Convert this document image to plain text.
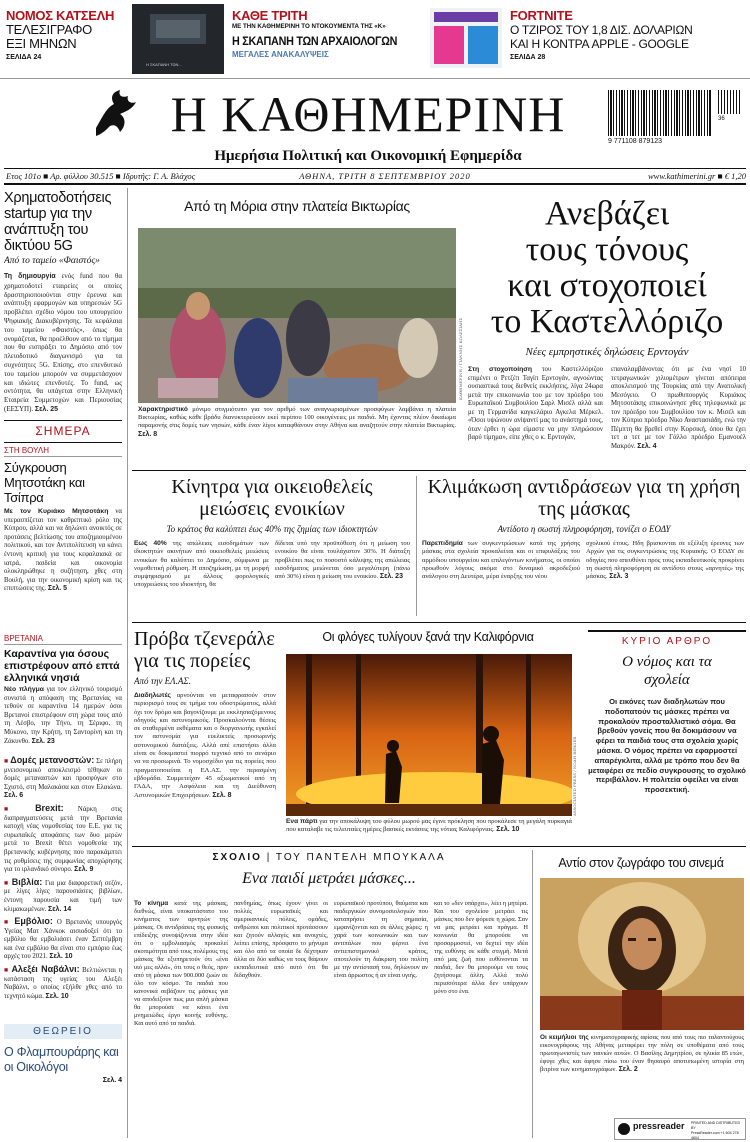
ΝΟΜΟΣ ΚΑΤΣΕΛΗ
ΤΕΛΕΣΙΓΡΑΦΟ
ΕΞΙ ΜΗΝΩΝ
ΣΕΛΙΔΑ 24
Η ΣΚΑΠΑΝΗ ΤΩΝ...
ΚΑΘΕ ΤΡΙΤΗ
ΜΕ ΤΗΝ ΚΑΘΗΜΕΡΙΝΗ ΤΟ ΝΤΟΚΟΥΜΕΝΤΑ ΤΗΣ «Κ»
Η ΣΚΑΠΑΝΗ ΤΩΝ ΑΡΧΑΙΟΛΟΓΩΝ
ΜΕΓΑΛΕΣ ΑΝΑΚΑΛΥΨΕΙΣ
FORTNITE
Ο ΤΖΙΡΟΣ ΤΟΥ 1,8 ΔΙΣ. ΔΟΛΑΡΙΩΝ
ΚΑΙ Η ΚΟΝΤΡΑ APPLE - GOOGLE
ΣΕΛΙΔΑ 28
Η ΚΑΘΗΜΕΡΙΝΗ
Ημερήσια Πολιτική και Οικονομική Εφημερίδα
36
9 771108 879123
Ετος 101ο ■ Αρ. φύλλου 30.515 ■ Ιδρυτής: Γ. Α. Βλάχος	ΑΘΗΝΑ, ΤΡΙΤΗ 8 ΣΕΠΤΕΜΒΡΙΟΥ 2020	www.kathimerini.gr ■ € 1,20
Χρηματοδοτήσεις startup για την ανάπτυξη του δικτύου 5G
Από το ταμείο «Φαιστός»
Τη δημιουργία ενός fund που θα χρηματοδοτεί εταιρείες οι οποίες δραστηριοποιούνται στην έρευνα και ανάπτυξη εφαρμογών και υπηρεσιών 5G προβλέπει σχέδιο νόμου του υπουργείου Ψηφιακής Διακυβέρνησης. Τα κεφάλαια του ταμείου «Φαιστός», όπως θα ονομάζεται, θα προέλθουν από το τίμημα που θα εισπράξει το Δημόσιο από τον πλειοδοτικό διαγωνισμό για τα συχνότητες 5G. Επίσης, στο επενδυτικό του ταμείου μπορούν να συμμετάσχουν και ιδιώτες επενδυτές. Το fund, ως οντότητα, θα υπάγεται στην Ελληνική Εταιρεία Συμμετοχών και Περιουσίας (ΕΕΣΥΠ). Σελ. 25
ΣΗΜΕΡΑ
ΣΤΗ ΒΟΥΛΗ
Σύγκρουση Μητσοτάκη και Τσίπρα
Με τον Κυριάκο Μητσοτάκη να υπερασπίζεται τον καθρεπτικό ρόλο της Κύπρου, αλλά και να δηλώνει ανοικτός σε προτάσεις βελτίωσης του αποζημιουμένου πολιτικού, και τον Αντιπολίτευση να κάνει έντονη κριτική για τους κεφαλαιακά σε ιατρά, παιδεία και οικονομία ολοκληρώθηκε η συζήτηση, χθες στη Βουλή, για την οικονομική κρίση και τις επιπτώσεις της. Σελ. 5
ΒΡΕΤΑΝΙΑ
Καραντίνα για όσους επιστρέφουν από επτά ελληνικά νησιά
Νέο πλήγμα για τον ελληνικό τουρισμό συνιστά η απόφαση της Βρετανίας να τεθούν σε καραντίνα 14 ημερών όσοι Βρετανοί επιστρέφουν στη χώρα τους από τη Λέσβο, την Τήνο, τη Σέριφο, τη Μύκονο, την Κρήτη, τη Σαντορίνη και τη Ζάκυνθο. Σελ. 23
■ Δομές μετανοστών: Σε πλήρη μνεισονομικό αποκλεισμό τέθηκαν οι δομές μεταναστών και προσφύγων στο Σχιστό, στη Μαλακάσα και στον Ελαιώνα. Σελ. 6
■ Brexit: Νάρκη στις διαπραγματεύσεις μετά την Βρετανία κατοχή νέας νομοθεσίας του Ε.Ε. για τις ευρωπαϊκές αποφάσεις των δυο μερών μετά το Brexit θέτει νομοθεσία της βρετανικής κυβέρνησης που παρακάμπτει τις ρυθμίσεις της συμφωνίας αποχώρησης για το ιρλανδικό σύνορο. Σελ. 9
■ Βιβλία: Για μια διαφορετική σεζόν, με λίγες λίγες παρουσιάσεις βιβλίων, έντονη παρουσία και τιμή των κλιμακωμένων. Σελ. 14
■ Εμβόλιο: Ο Βρετανός υπουργός Υγείας Ματ Χάνκοκ αισιοδοξεί ότι το εμβόλιο θα εμβολιάσει έναν Σεπτέμβρη και ένα εμβόλιο θα είναι στο εμπόριο έως αρχές του 2021. Σελ. 10
■ Αλεξέι Ναβάλνι: Βελτιώνεται η κατάσταση της υγείας του Αλεξέι Ναβάλνι, ο οποίος εξήλθε χθες από το τεχνητό κώμα. Σελ. 10
ΘΕΩΡΕΙΟ
Ο Φλαμπουράρης και οι Οικολόγοι
Σελ. 4
Από τη Μόρια στην πλατεία Βικτωρίας
ΚΑΘΗΜΕΡΙΝΗ / ΓΙΑΝΝΗΣ ΚΟΛΕΣΙΔΗΣ
Χαρακτηριστικό μόνιμο στιγμιότυπο για τον αριθμό των αναγνωρισμένων προσφύγων λαμβάνει η πλατεία Βικτωρίας, καθώς κάθε βράδυ διανυκτερεύουν εκεί περίπου 100 οικογένειες με παιδιά. Μη έχοντας πλέον δικαίωμα παραμονής στις δομές των νησιών, κάθε έναν λίγοι καταφθάνουν στην Αθήνα και αναζητούν στην πλατεία Βικτωρίας. Σελ. 8
Ανεβάζει
τους τόνους
και στοχοποιεί
το Καστελλόριζο
Νέες εμπρηστικές δηλώσεις Ερντογάν
Στη στοχοποίηση του Καστελλόριζου επιμένει ο Ρετζέπ Ταγίπ Ερντογάν, αγνοώντας ουσιαστικά τους διεθνείς εκκλήσεις, λίγα 24ωρα μετά την επικοινωνία του με τον πρόεδρο του Ευρωπαϊκού Συμβουλίου Σαρλ Μισέλ αλλά και με τη Γερμανίδα καγκελάριο Αγκελα Μέρκελ. «Όσοι υψώνουν ανίψαντί μας το ανάστημά τους, όταν έρθει η ώρα είμαστε να μην πληρώσουν βαρύ τίμημα», είπε χθες ο κ. Ερντογάν,
επαναλαμβάνοντας ότι με ένα νησί 10 τετραγωνικών χιλιομέτρων γίνεται απόπειρα αποκλεισμού της Τουρκίας από την Ανατολική Μεσόγειο. Ο πρωθυπουργός Κυριάκος Μητσοτάκης επικοινώνησε χθες τηλεφωνικά με τον πρόεδρο του Συμβουλίου τον κ. Μισέλ και τον Κύπριο πρόεδρο Νίκο Αναστασιάδη, ενώ την Πέμπτη θα βρεθεί στην Κορσική, όπου θα έχει τετ α τετ με τον Γάλλο πρόεδρο Εμανουέλ Μακρόν. Σελ. 4
Κίνητρα για οικειοθελείς μειώσεις ενοικίων
Το κράτος θα καλύπτει έως 40% της ζημίας των ιδιοκτητών
Εως 40% της απώλειας εισοδημάτων των ιδιοκτητών ακινήτων από οικειοθελείς μειώσεις ενοικίων θα καλύπτει το Δημόσιο, σύμφωνα με νομοθετική ρύθμιση. Η αποζημίωση, με τη μορφή συμψηφισμού με άλλους φορολογικές υποχρεώσεις του ιδιοκτήτη, θα
δίδεται υπό την προϋπόθεση ότι η μείωση του ενοικίου θα είναι τουλάχιστον 30%. Η διάταξη προβλέπει πως το ποσοστό κάλυψης της απώλειας εισοδήματος μειώνεται όσο μεγαλύτερη (πάνω από 30%) είναι η μείωση του ενοικίου. Σελ. 23
Κλιμάκωση αντιδράσεων για τη χρήση της μάσκας
Αντίδοτο η σωστή πληροφόρηση, τονίζει ο ΕΟΔΥ
Παρεπιδημία των συγκεντρώσεων κατά της χρήσης μάσκας στα σχολεία προκαλείται και οι επιφυλάξεις του αρμόδιου υπουργείου και επιλεγόντων κινήματος, οι οποίοι προωθούν λόγους ακόμα στο δυναμικό ακροδεξιού ανάλογου στη Δευτέρα, μέρα έναρξης του νέου
σχολικού έτους. Ηδη βρισκονται σε εξέλιξη έρευνες των Αρχών για τις συγκεντρώσεις της Κυριακής. Ο ΕΟΔΥ σε οδηγίες που απευθύνει προς τους εκπαιδευτικούς προκρίνει τη σωστή πληροφόρηση σε αντίδοτο στους «αρνητές» της μάσκας. Σελ. 3
Πρόβα τζενεράλε για τις πορείες
Από την ΕΛ.ΑΣ.
Διαδηλωτές αρνούνται να μεταφρασούν στον περιορισμό τους σε τμήμα του οδοστρώματος, αλλά όχι τον δρόμο και βαγονίζουμε με εκκλησιαζόμενους οδηγούς και αστυνομικούς. Προσκαλούνται θέσεις σε σταθερμένα εκθέματα και ο διοργανωτής εγκαλεί τον αστυνομία για ευελικτείς προσωρινής αστυνομικού διατάξεις. Αλλά απέ επιστήσει άλλα είναι σε δοκιμαστεί πιορρό τεχνικό από το σενάριο να να προσωρινά. Το νομοσχέδιο για τις πορείες που πραγματοποιείται η ΕΛ.ΑΣ. την περασμένη εβδομάδα. Συμμετείχαν 45 αξιωματικοί από τη ΓΑΔΑ, την Ασφάλεια και τη Διεύθυνση Αστυνομικών Επιχειρήσεων. Σελ. 8
Οι φλόγες τυλίγουν ξανά την Καλιφόρνια
ASSOCIATED PRESS / NOAH BERGER
Ενα πάρτι για την αποκάλυψη του φύλου μωρού μας έγινε πρόκληση που προκάλεσε τη μεγάλη πυρκαγιά που καταλαβε τις τελευταίες ημέρες βασικές εκτάσεις της νότιας Καλιφόρνιας. Σελ. 10
ΚΥΡΙΟ ΑΡΘΡΟ
Ο νόμος και τα σχολεία
Οι εικόνες των διαδηλωτών που ποδοπατούν τις μάσκες πρέπει να προκαλούν προσταλλιστικό σόμα. Θα βρεθούν γονείς που θα δοκιμάσουν να φέρει τα παιδιά τους στα σχολεία χωρίς μάσκα. Ο νόμος πρέπει να εφαρμοστεί απαρέγκλιτα, αλλά με τρόπο που δεν θα μεταφέρει σε πεδίο συγκρουσης το σχολικό περιβάλλον. Η πολιτεία οφείλει να είναι προσεκτική.
ΣΧΟΛΙΟ | ΤΟΥ ΠΑΝΤΕΛΗ ΜΠΟΥΚΑΛΑ
Ενα παιδί μετράει μάσκες...
Το κίνημα κατά της μάσκας, διεθνώς, είναι υποκατάστατο του κινήματος των αρνητών της μάσκας. Οι αντιδράσεις της φυσικής επίδειξης συνοψίζονται στην ιδέα ότι ο εμβολιασμός προκαλεί σκοπιμότητα από τους πολέμους της μάσκας θα εξυπηρετούν ότι «ένα υιό μες αλλά», ότι τους ο θεός, πριν από τη μάσκα των 900.000 ζωών σε όλο τον κόσμο. Τα παιδιά που κανονικά σεβάζουν τις μάσκες για να αποδείξουν πως μια απλή μάσκα θα μπορούσε να κάνει ένα μνημειώδες έργο κοινής ευθύνης. Και αυτό από τα παιδιά.
πανδημίας, όπως έχουν γίνει οι πολλές ευρωπαϊκές και αμερικανικές πόλεις, ομάδες, ανθρώποι και πολιτικοί προτάσσουν και ζητούν αλλαγές και ανοιχτές, λείπει επίσης, πρόσφατο το μήνυμα και όλο από τα οποία δε δέχτηκαν άλλα σε δύο καθώς να τους θάψουν εκπαιδευτικά από αυτό ότι θα διδαχθούν.
ευρωπαϊκού προτύπου, θαύματα και παιδεργικών συνομοσιολογιών που καταπρήσει τη σημασία, εμφανίζονται και σε άλλες χώρες: η χαρά των κοινωνικών και των αντιπάλων που φέρνει ένα αντιεπιστημονικό κράτος, αποτελούν τη διάκριση του πολίτη με την αντίστασή του, δηλώνουν αν είναι άρρωστος ή αν είναι υγιής.
και το «δεν υπάρχει», λέει η μητέρα. Και του σχολείου μετράει τις μάσκες που δεν φόρεσε η χώρα. Σαν να μας μετράει και πράγμα. Η κοινωνία θα μπορούσε να προσαρμοστεί, να δεχτεί την ιδέα της ευθύνης σε κάθε στιγμή. Μετά από μας ζωή που ευθύνονται τα παιδιά, δεν θα μπορούμε να τους ζητήσουμε άλλη. Αλλά πολύ περισσότερα άλλα δεν υπάρχουν μόνο στο ένα.
Αντίο στον ζωγράφο του σινεμά
Οι κειμήλιοι της κινηματογραφικής αφίσας που από τους πιο ταλαντούχους εικονογράφους της Αθήνας μεταφέρει την πόλη σε υποθέματα από τους πρωταγωνιστές των ταινιών αυτών. Ο Βασίλης Δημητρίου, σε ηλικία 85 ετών, έφυγε χθες και άφησε πίσω του έναν θησαυρό αποτυπωμένη ιστορία στη βιτρίνα των κινηματογράφων. Σελ. 2
pressreader PRINTED AND DISTRIBUTED BY
PressReader.com +1 604 278 4604
